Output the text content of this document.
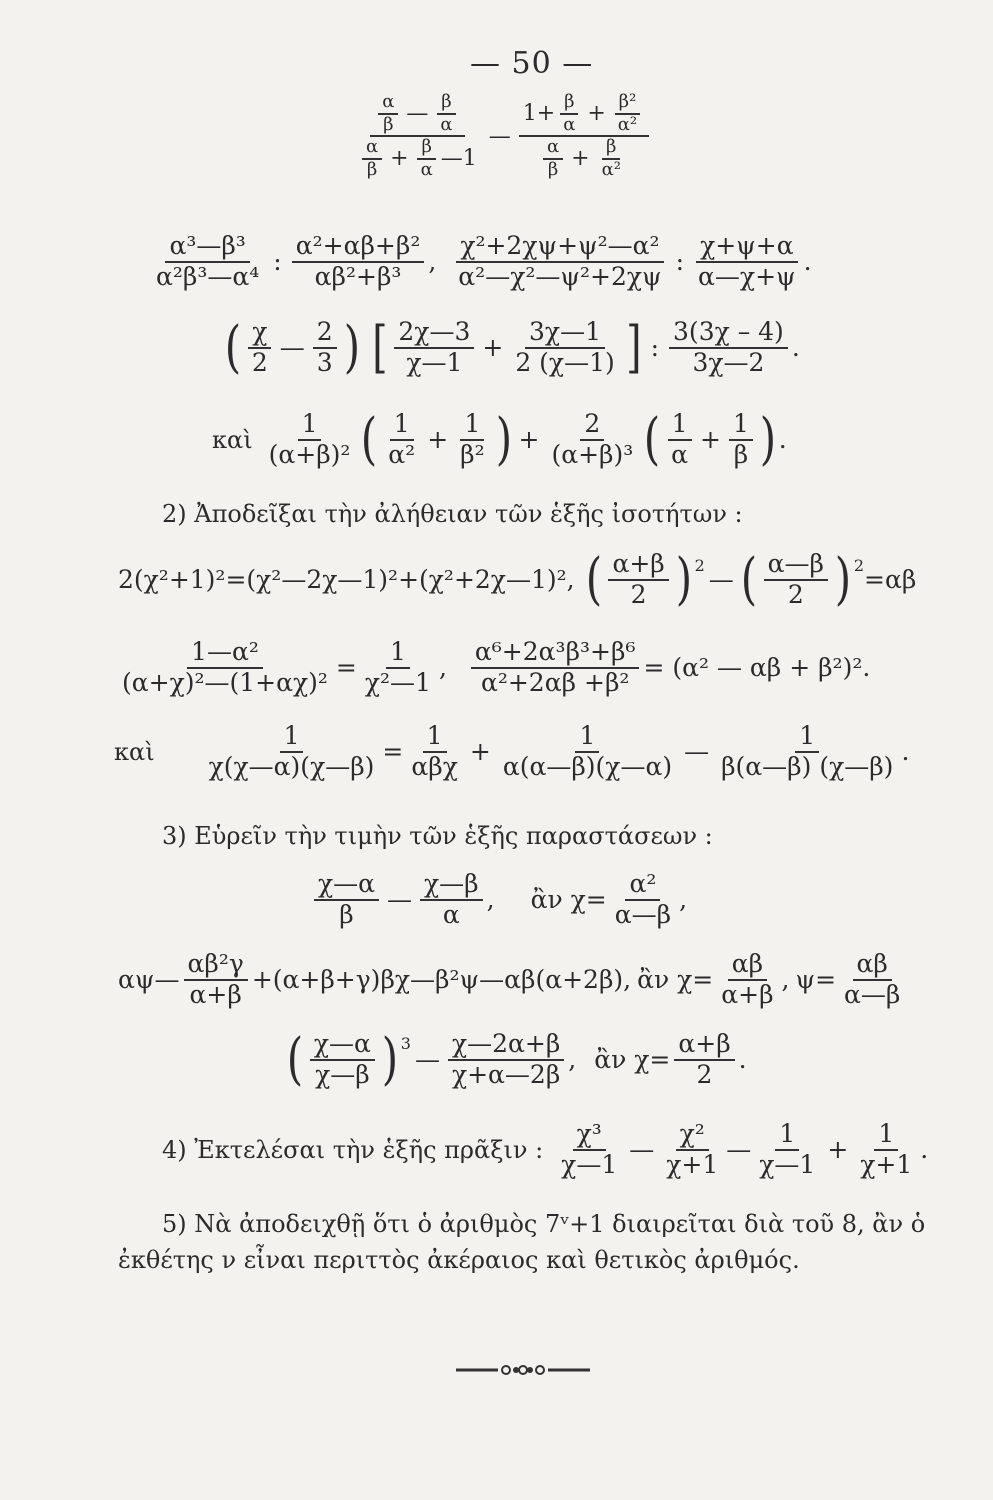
— 50 —
$\frac{\frac{\alpha}{\beta} — \frac{\beta}{\alpha}}{\frac{\alpha}{\beta} + \frac{\beta}{\alpha} —1}$ — $\frac{1+ \frac{\beta}{\alpha} + \frac{\text{β²}}{\text{α²}}}{\frac{\alpha}{\beta} + \frac{\beta}{\text{α²}}}$
$\frac{\text{α³—β³}}{\text{α²β³—α⁴}}$ : $\frac{\text{α²+αβ+β²}}{\text{αβ²+β³}}$ , $\frac{\text{χ²+2χψ+ψ²—α²}}{\text{α²—χ²—ψ²+2χψ}}$ : $\frac{\chi+\psi+\alpha}{\alpha—\chi+\psi}$ .
( $\frac{\chi}{2}$ — $\frac{2}{3}$ ) [ $\frac{2\chi—3}{\chi—1} + \frac{3\chi—1}{2 (\chi—1)}$ ] : $\frac{3(3\chi - 4)}{3\chi—2}$ .
καὶ $\frac{1}{\text{(α+β)²}}$ ( $\frac{1}{\text{α²}} + \frac{1}{\text{β²}}$ ) + $\frac{2}{\text{(α+β)³}}$ ( $\frac{1}{\alpha} + \frac{1}{\beta}$ ) .
2) Ἀποδεῖξαι τὴν ἀλήθειαν τῶν ἑξῆς ἰσοτήτων :
2(χ²+1)²=(χ²—2χ—1)²+(χ²+2χ—1)², ( $\frac{\alpha+\beta}{2}$ ) 2 — ( $\frac{\alpha—\beta}{2}$ ) 2 =αβ
$\frac{\text{1—α²}}{\text{(α+χ)²—(1+αχ)²}} = \frac{1}{\text{χ²—1}}$ , $\frac{\text{α⁶+2α³β³+β⁶}}{\text{α²+2αβ +β²}} = (\alpha^2$ — αβ + β²)².
καὶ $\frac{1}{\chi(\chi—\alpha)(\chi—\beta)} = \frac{1}{\text{αβχ}} + \frac{1}{\alpha(\alpha—\beta)(\chi—\alpha)}$ — $\frac{1}{\beta(\alpha—\beta) (\chi—\beta)}$ .
3) Εὑρεῖν τὴν τιμὴν τῶν ἑξῆς παραστάσεων :
$\frac{\chi—\alpha}{\beta}$ — $\frac{\chi—\beta}{\alpha}$ , ἂν $\chi= \frac{\text{α²}}{\alpha—\beta}$ ,
αψ— $\frac{\text{αβ²γ}}{\alpha+\beta}$ +(α+β+γ)βχ—β²ψ—αβ(α+2β), ἂν $\chi= \frac{\alpha\beta}{\alpha+\beta}$ , $\psi= \frac{\alpha\beta}{\alpha—\beta}$
( $\frac{\chi—\alpha}{\chi—\beta}$ ) 3
— $\frac{\chi—2\alpha+\beta}{\chi+\alpha—2\beta}$ , ἂν $\chi= \frac{\alpha+\beta}{2}$ .
4) Ἐκτελέσαι τὴν ἑξῆς πρᾶξιν : $\frac{\text{χ³}}{\chi—1}$ — $\frac{\text{χ²}}{\chi+1}$ — $\frac{1}{\chi—1} + \frac{1}{\chi+1}$ .
5) Νὰ ἀποδειχθῇ ὅτι ὁ ἀριθμὸς 7ᵛ+1 διαιρεῖται διὰ τοῦ 8, ἂν ὁ
ἐκθέτης ν εἶναι περιττὸς ἀκέραιος καὶ θετικὸς ἀριθμός.
